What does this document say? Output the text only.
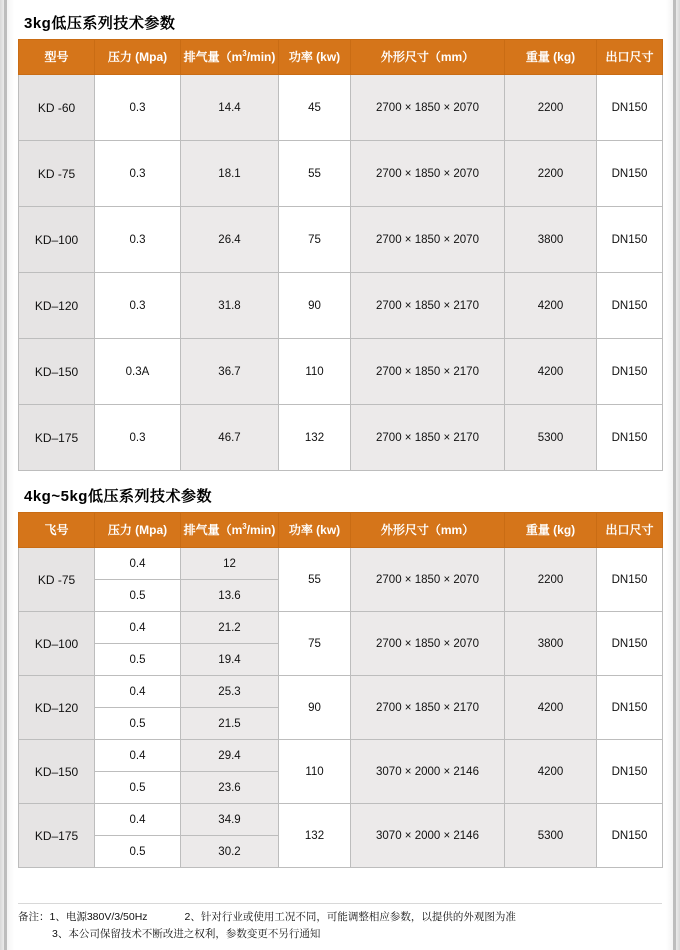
3kg低压系列技术参数
型号	压力 (Mpa)	排气量$(m^3/\min)$	功率 (kw)	外形尺寸（mm）	重量 (kg)	出口尺寸
KD -60	0.3	14.4	45	2700 × 1850 × 2070	2200	DN150
KD -75	0.3	18.1	55	2700 × 1850 × 2070	2200	DN150
KD–100	0.3	26.4	75	2700 × 1850 × 2070	3800	DN150
KD–120	0.3	31.8	90	2700 × 1850 × 2170	4200	DN150
KD–150	0.3A	36.7	110	2700 × 1850 × 2170	4200	DN150
KD–175	0.3	46.7	132	2700 × 1850 × 2170	5300	DN150
4kg~5kg低压系列技术参数
飞号	压力 (Mpa)	排气量$(m^3/\min)$	功率 (kw)	外形尺寸（mm）	重量 (kg)	出口尺寸
KD -75	0.4	12	55	2700 × 1850 × 2070	2200	DN150
	0.5	13.6				
KD–100	0.4	21.2	75	2700 × 1850 × 2070	3800	DN150
	0.5	19.4				
KD–120	0.4	25.3	90	2700 × 1850 × 2170	4200	DN150
	0.5	21.5				
KD–150	0.4	29.4	110	3070 × 2000 × 2146	4200	DN150
	0.5	23.6				
KD–175	0.4	34.9	132	3070 × 2000 × 2146	5300	DN150
	0.5	30.2				
备注：1、电源380V/3/50Hz	2、针对行业或使用工况不同，可能调整相应参数，以提供的外观图为准
3、本公司保留技术不断改进之权利，参数变更不另行通知
